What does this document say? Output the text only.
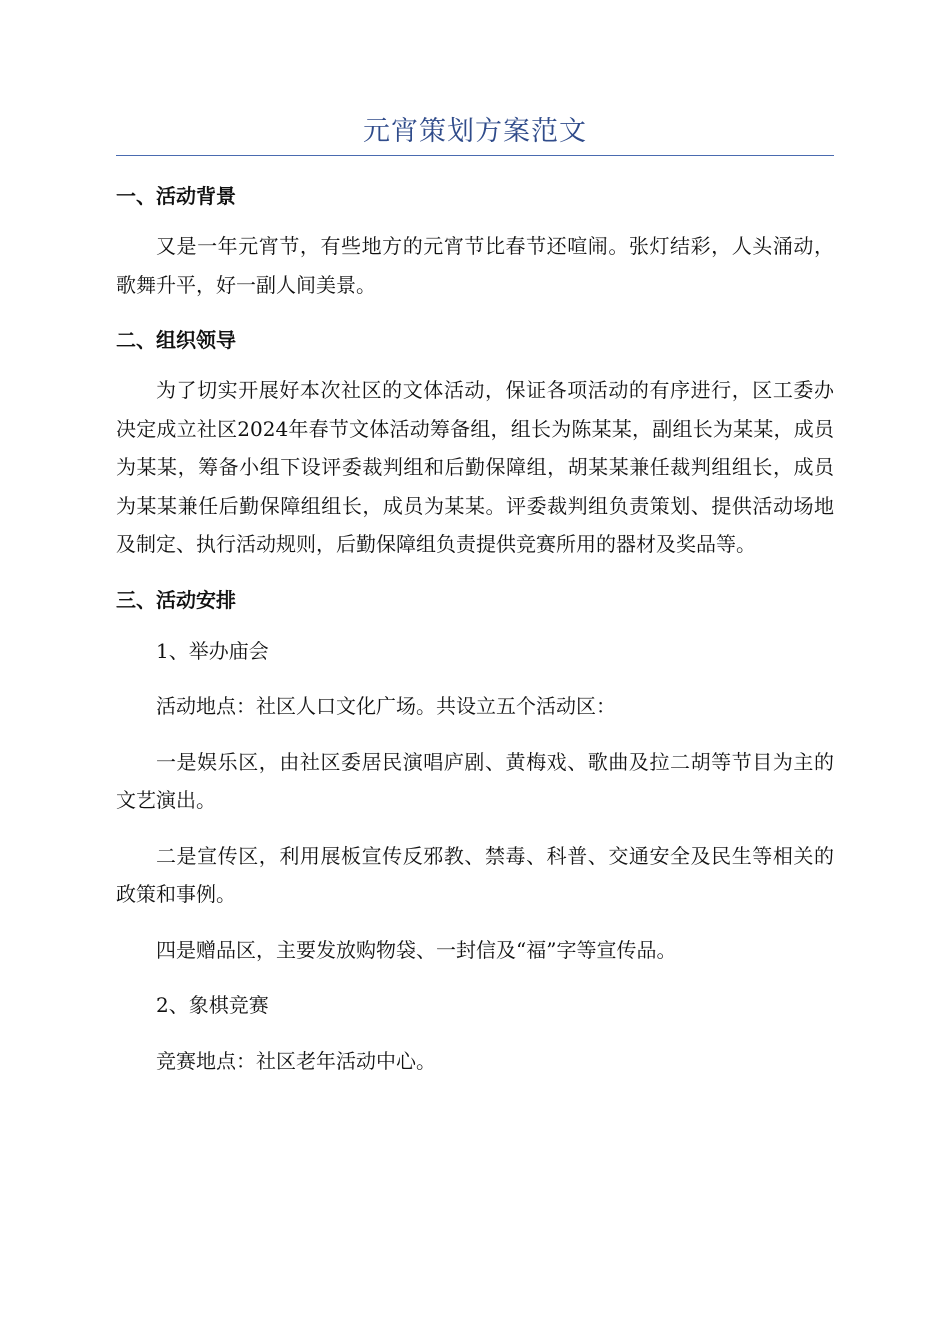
元宵策划方案范文
一、活动背景

又是一年元宵节，有些地方的元宵节比春节还喧闹。张灯结彩，人头涌动，歌舞升平，好一副人间美景。

二、组织领导

为了切实开展好本次社区的文体活动，保证各项活动的有序进行，区工委办决定成立社区2024年春节文体活动筹备组，组长为陈某某，副组长为某某，成员为某某，筹备小组下设评委裁判组和后勤保障组，胡某某兼任裁判组组长，成员为某某兼任后勤保障组组长，成员为某某。评委裁判组负责策划、提供活动场地及制定、执行活动规则，后勤保障组负责提供竞赛所用的器材及奖品等。

三、活动安排

1、举办庙会

活动地点：社区人口文化广场。共设立五个活动区：

一是娱乐区，由社区委居民演唱庐剧、黄梅戏、歌曲及拉二胡等节目为主的文艺演出。

二是宣传区，利用展板宣传反邪教、禁毒、科普、交通安全及民生等相关的政策和事例。

四是赠品区，主要发放购物袋、一封信及“福”字等宣传品。

2、象棋竞赛

竞赛地点：社区老年活动中心。
